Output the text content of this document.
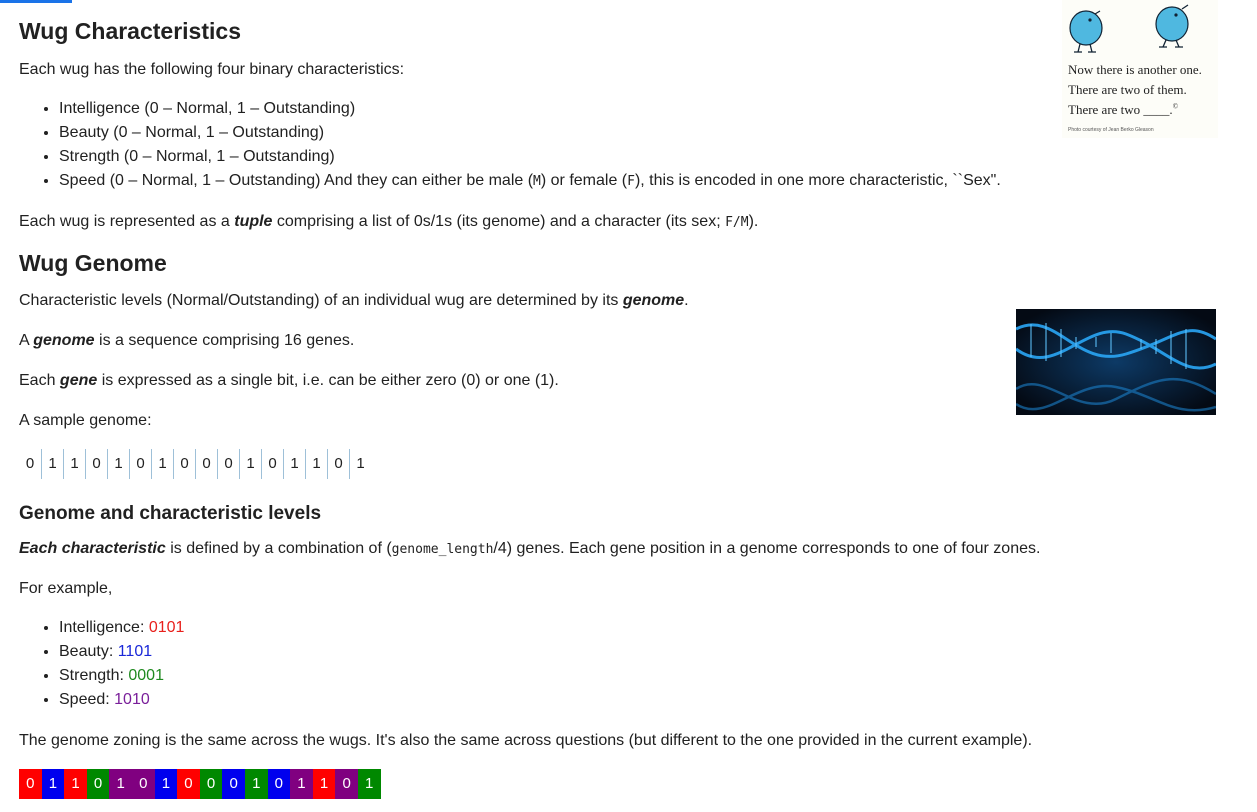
Wug Characteristics

Each wug has the following four binary characteristics:

• Intelligence (0 – Normal, 1 – Outstanding)
• Beauty (0 – Normal, 1 – Outstanding)
• Strength (0 – Normal, 1 – Outstanding)
• Speed (0 – Normal, 1 – Outstanding) And they can either be male (M) or female (F), this is encoded in one more characteristic, ``Sex".

Each wug is represented as a tuple comprising a list of 0s/1s (its genome) and a character (its sex; F/M).

Wug Genome

Characteristic levels (Normal/Outstanding) of an individual wug are determined by its genome.

A genome is a sequence comprising 16 genes.

Each gene is expressed as a single bit, i.e. can be either zero (0) or one (1).

A sample genome:

0 1 1 0 1 0 1 0 0 0 1 0 1 1 0 1
Genome and characteristic levels

Each characteristic is defined by a combination of (genome_length/4) genes. Each gene position in a genome corresponds to one of four zones.

For example,

• Intelligence: 0101
• Beauty: 1101
• Strength: 0001
• Speed: 1010

The genome zoning is the same across the wugs. It's also the same across questions (but different to the one provided in the current example).

0 1 1 0 1 0 1 0 0 0 1 0 1 1 0 1
Now there is another one.
There are two of them.
There are two ____.©
Photo courtesy of Jean Berko Gleason
